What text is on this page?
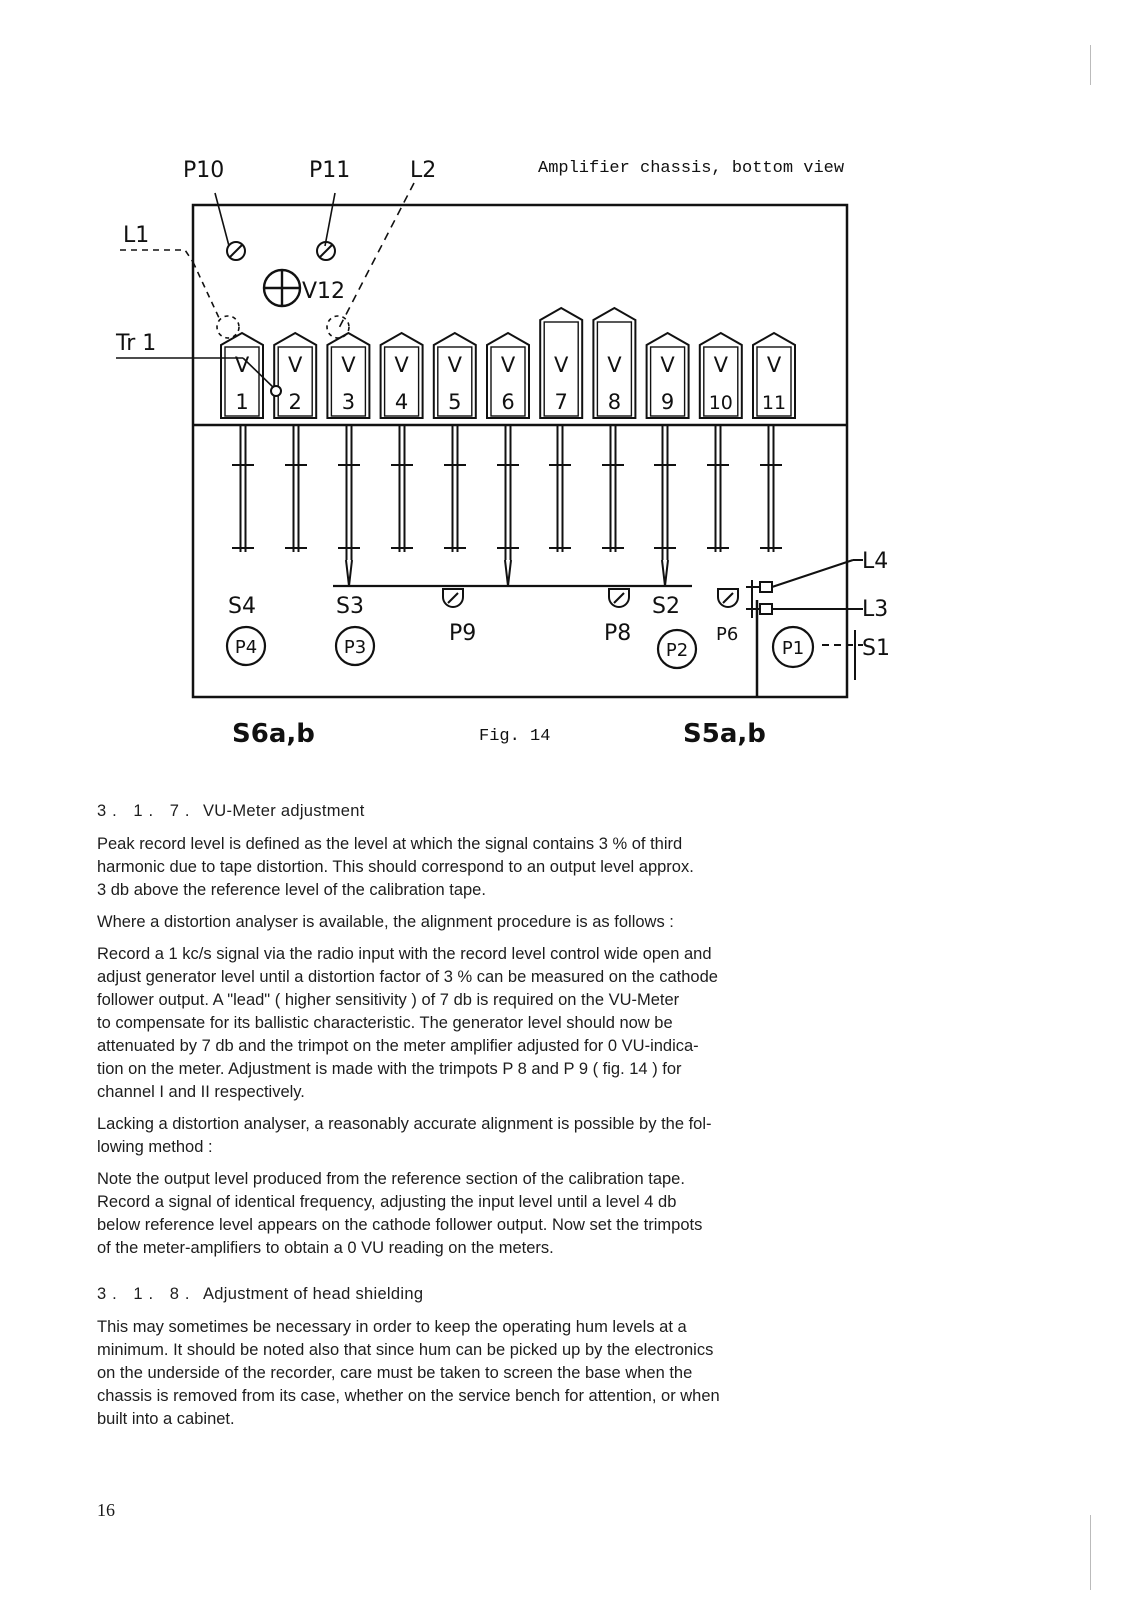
P10	P11	L2	Amplifier chassis, bottom view
L1
Tr 1
V12
V
1
V
2
V
3
V
4
V
5
V
6
V
7
V
8
V
9
V
10
V
11
L4
L3
S1
S4	S3	S2
P9	P8	P6
P4	P3	P2	P1
S6a,b	Fig. 14	S5a,b
3. 1. 7. VU-Meter adjustment

Peak record level is defined as the level at which the signal contains 3 % of third
harmonic due to tape distortion. This should correspond to an output level approx.
3 db above the reference level of the calibration tape.

Where a distortion analyser is available, the alignment procedure is as follows :

Record a 1 kc/s signal via the radio input with the record level control wide open and
adjust generator level until a distortion factor of 3 % can be measured on the cathode
follower output. A "lead" ( higher sensitivity ) of 7 db is required on the VU-Meter
to compensate for its ballistic characteristic. The generator level should now be
attenuated by 7 db and the trimpot on the meter amplifier adjusted for 0 VU-indica-
tion on the meter. Adjustment is made with the trimpots P 8 and P 9 ( fig. 14 ) for
channel I and II respectively.

Lacking a distortion analyser, a reasonably accurate alignment is possible by the fol-
lowing method :

Note the output level produced from the reference section of the calibration tape.
Record a signal of identical frequency, adjusting the input level until a level 4 db
below reference level appears on the cathode follower output. Now set the trimpots
of the meter-amplifiers to obtain a 0 VU reading on the meters.

3. 1. 8. Adjustment of head shielding

This may sometimes be necessary in order to keep the operating hum levels at a
minimum. It should be noted also that since hum can be picked up by the electronics
on the underside of the recorder, care must be taken to screen the base when the
chassis is removed from its case, whether on the service bench for attention, or when
built into a cabinet.

16
